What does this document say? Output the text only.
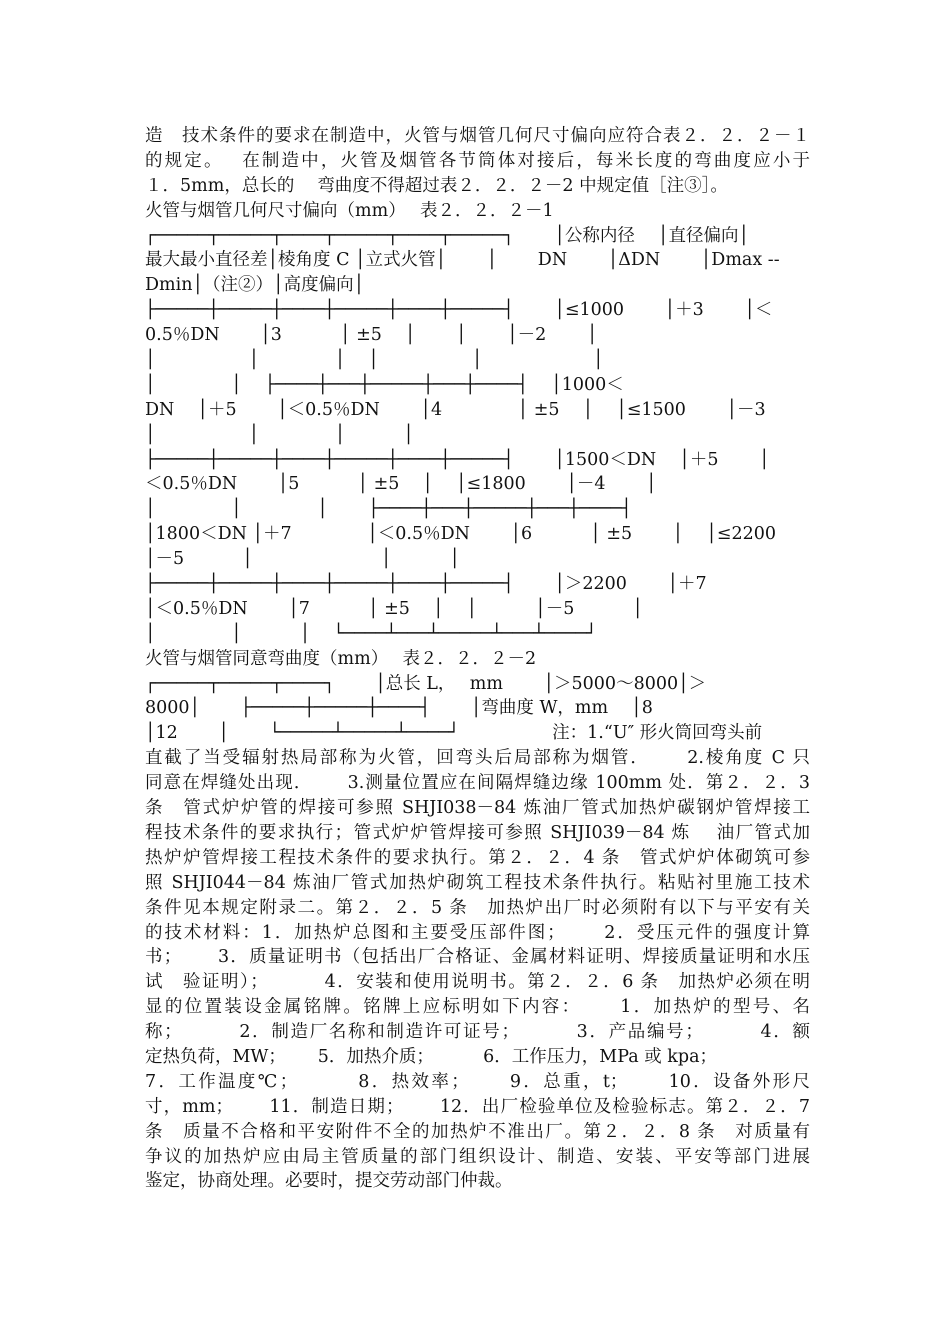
造　技术条件的要求在制造中，火管与烟管几何尺寸偏向应符合表２．２．２－１
的规定。　 在制造中，火管及烟管各节筒体对接后，每米长度的弯曲度应小于
１．5mm，总长的　 弯曲度不得超过表２．２．２－2 中规定值［注③］。
火管与烟管几何尺寸偏向（mm）　 表２．２．２－1
┌─────┬─────┬────┬─────┬────┬─────┐　　 │公称内径　 │直径偏向│
最大最小直径差│棱角度 C │立式火管│　　 │　　 DN　　 │ΔDN　　 │Dmax --
Dmin│（注②）│高度偏向│
├─────┼─────┼────┼─────┼────┼─────┤　　 │≤1000　　 │＋3　　 │＜
0.5％DN　　 │3　　　 │ ±5　 │　　 │　　 │－2　　 │
│　　　　　 │　　　　 │　 │　　　　　 │　　　　　　 │
│　　　　 │　 ├────┼───┼─────┼───┼────┤　 │1000＜
DN　 │＋5　　 │＜0.5％DN　　 │4　　　　 │ ±5　 │　 │≤1500　　 │－3
│　　　　　 │　　　　 │　　　 │
├─────┼─────┼────┼─────┼────┼─────┤　　 │1500＜DN　 │＋5　　 │
＜0.5％DN　　 │5　　　 │ ±5　 │　 │≤1800　　 │－4　　 │
│　　　　 │　　　　 │　　 ├────┼───┼─────┼───┼────┤
│1800＜DN │＋7　　　　 │＜0.5％DN　　 │6　　　 │ ±5　　 │　 │≤2200
│－5　　　 │　　　　　　　 │　　　 │
├─────┼─────┼────┼─────┼────┼─────┤　　 │＞2200　　 │＋7
│＜0.5％DN　　 │7　　　 │ ±5　 │　 │　　　 │－5　　　 │
│　　　　 │　　　 │　 └────┴───┴─────┴───┴────┘
火管与烟管同意弯曲度（mm）　 表２．２．２－2
┌─────┬─────┬────┐　　 │总长 L，　 mm　　 │＞5000～8000│＞
8000│　　 ├─────┼─────┼────┤　　 │弯曲度 W，mm　 │8
│12　　 │　　 └─────┴─────┴────┘　　　　　 注：1.“U″ 形火筒回弯头前
直截了当受辐射热局部称为火管，回弯头后局部称为烟管．　　 2.棱角度 C 只
同意在焊缝处出现．　　 3.测量位置应在间隔焊缝边缘 100mm 处．第２．２．3
条　管式炉炉管的焊接可参照 SHJI038－84 炼油厂管式加热炉碳钢炉管焊接工
程技术条件的要求执行；管式炉炉管焊接可参照 SHJI039－84 炼　 油厂管式加
热炉炉管焊接工程技术条件的要求执行。第２．２．4 条　管式炉炉体砌筑可参
照 SHJI044－84 炼油厂管式加热炉砌筑工程技术条件执行。粘贴衬里施工技术
条件见本规定附录二。第２．２．5 条　加热炉出厂时必须附有以下与平安有关
的技术材料：1．加热炉总图和主要受压部件图；　　 2．受压元件的强度计算
书；　　 3．质量证明书（包括出厂合格证、金属材料证明、焊接质量证明和水压
试　验证明）；　　　 4．安装和使用说明书。第２．２．6 条　加热炉必须在明
显的位置装设金属铭牌。铭牌上应标明如下内容：　　 1．加热炉的型号、名
称；　　　 2．制造厂名称和制造许可证号；　　　 3．产品编号；　　　 4．额
定热负荷，MW；　　 5．加热介质；　　　 6．工作压力，MPa 或 kpa；
7．工作温度℃；　　　 8．热效率；　　 9．总重，t；　　 10．设备外形尺
寸，mm；　　 11．制造日期；　　 12．出厂检验单位及检验标志。第２．２．7
条　质量不合格和平安附件不全的加热炉不准出厂。第２．２．8 条　对质量有
争议的加热炉应由局主管质量的部门组织设计、制造、安装、平安等部门进展
鉴定，协商处理。必要时，提交劳动部门仲裁。
